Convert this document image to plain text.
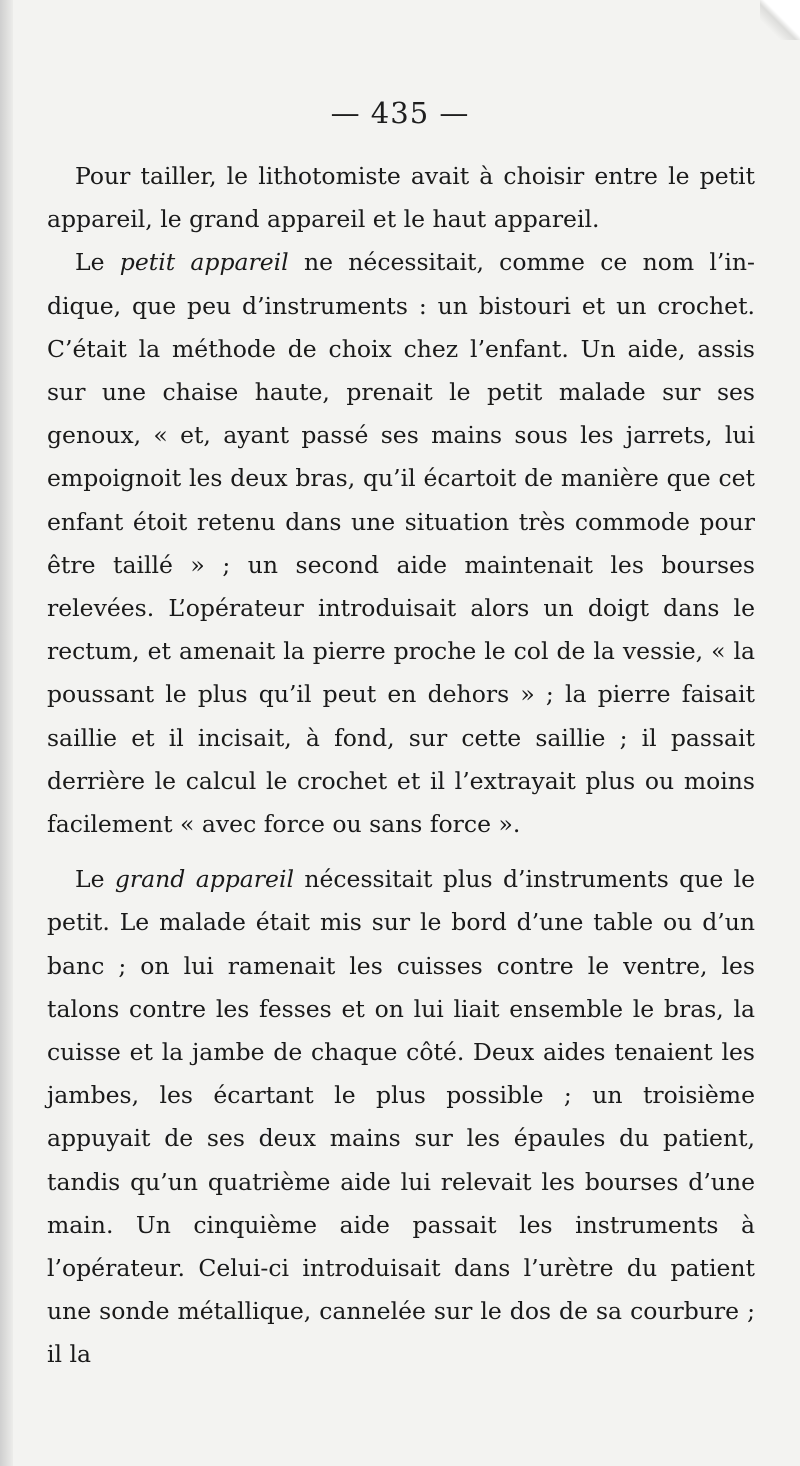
— 435 —

Pour tailler, le lithotomiste avait à choisir entre le petit appareil, le grand appareil et le haut appareil.

Le petit appareil ne nécessitait, comme ce nom l’indique, que peu d’instruments : un bistouri et un crochet. C’était la méthode de choix chez l’enfant. Un aide, assis sur une chaise haute, prenait le petit malade sur ses genoux, « et, ayant passé ses mains sous les jarrets, lui empoignoit les deux bras, qu’il écartoit de manière que cet enfant étoit retenu dans une situation très commode pour être taillé » ; un second aide maintenait les bourses relevées. L’opérateur introduisait alors un doigt dans le rectum, et amenait la pierre proche le col de la vessie, « la poussant le plus qu’il peut en dehors » ; la pierre faisait saillie et il incisait, à fond, sur cette saillie ; il passait derrière le calcul le crochet et il l’extrayait plus ou moins facilement « avec force ou sans force ».

Le grand appareil nécessitait plus d’instruments que le petit. Le malade était mis sur le bord d’une table ou d’un banc ; on lui ramenait les cuisses contre le ventre, les talons contre les fesses et on lui liait ensemble le bras, la cuisse et la jambe de chaque côté. Deux aides tenaient les jambes, les écartant le plus possible ; un troisième appuyait de ses deux mains sur les épaules du patient, tandis qu’un quatrième aide lui relevait les bourses d’une main. Un cinquième aide passait les instruments à l’opérateur. Celui-ci introduisait dans l’urètre du patient une sonde métallique, cannelée sur le dos de sa courbure ; il la
